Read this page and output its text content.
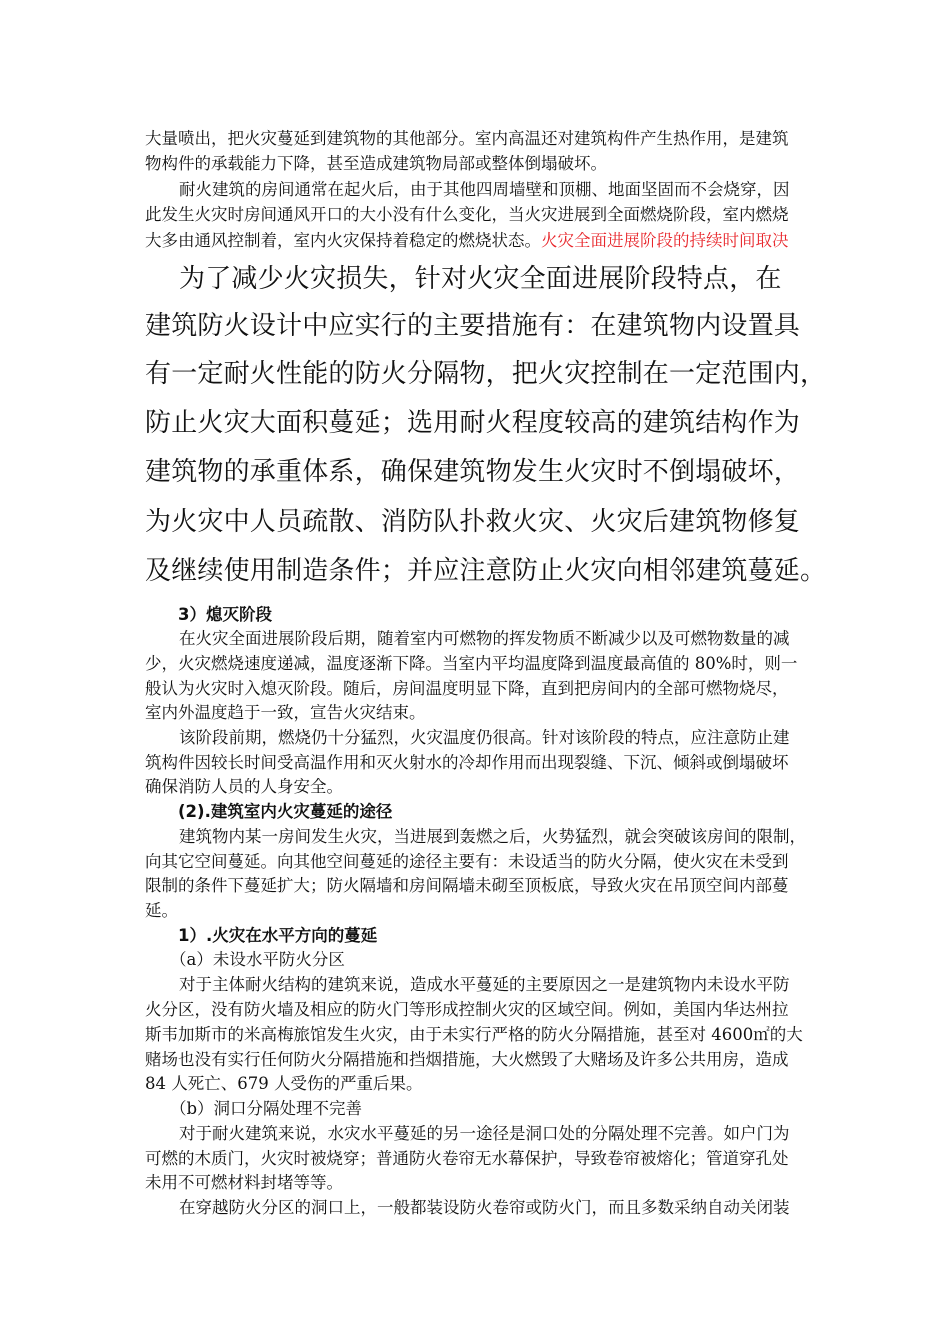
大量喷出，把火灾蔓延到建筑物的其他部分。室内高温还对建筑构件产生热作用，是建筑
物构件的承载能力下降，甚至造成建筑物局部或整体倒塌破坏。
耐火建筑的房间通常在起火后，由于其他四周墙壁和顶棚、地面坚固而不会烧穿，因
此发生火灾时房间通风开口的大小没有什么变化，当火灾进展到全面燃烧阶段，室内燃烧
大多由通风控制着，室内火灾保持着稳定的燃烧状态。火灾全面进展阶段的持续时间取决
为了减少火灾损失，针对火灾全面进展阶段特点，在
建筑防火设计中应实行的主要措施有：在建筑物内设置具
有一定耐火性能的防火分隔物，把火灾控制在一定范围内，
防止火灾大面积蔓延；选用耐火程度较高的建筑结构作为
建筑物的承重体系，确保建筑物发生火灾时不倒塌破坏，
为火灾中人员疏散、消防队扑救火灾、火灾后建筑物修复
及继续使用制造条件；并应注意防止火灾向相邻建筑蔓延。
3）熄灭阶段
在火灾全面进展阶段后期，随着室内可燃物的挥发物质不断减少以及可燃物数量的减
少，火灾燃烧速度递减，温度逐渐下降。当室内平均温度降到温度最高值的 80%时，则一
般认为火灾时入熄灭阶段。随后，房间温度明显下降，直到把房间内的全部可燃物烧尽，
室内外温度趋于一致，宣告火灾结束。
该阶段前期，燃烧仍十分猛烈，火灾温度仍很高。针对该阶段的特点，应注意防止建
筑构件因较长时间受高温作用和灭火射水的冷却作用而出现裂缝、下沉、倾斜或倒塌破坏
确保消防人员的人身安全。
(2).建筑室内火灾蔓延的途径
建筑物内某一房间发生火灾，当进展到轰燃之后，火势猛烈，就会突破该房间的限制，
向其它空间蔓延。向其他空间蔓延的途径主要有：未设适当的防火分隔，使火灾在未受到
限制的条件下蔓延扩大；防火隔墙和房间隔墙未砌至顶板底，导致火灾在吊顶空间内部蔓
延。
1）.火灾在水平方向的蔓延
（a）未设水平防火分区
对于主体耐火结构的建筑来说，造成水平蔓延的主要原因之一是建筑物内未设水平防
火分区，没有防火墙及相应的防火门等形成控制火灾的区域空间。例如，美国内华达州拉
斯韦加斯市的米高梅旅馆发生火灾，由于未实行严格的防火分隔措施，甚至对 4600㎡的大
赌场也没有实行任何防火分隔措施和挡烟措施，大火燃毁了大赌场及许多公共用房，造成
84 人死亡、679 人受伤的严重后果。
（b）洞口分隔处理不完善
对于耐火建筑来说，水灾水平蔓延的另一途径是洞口处的分隔处理不完善。如户门为
可燃的木质门，火灾时被烧穿；普通防火卷帘无水幕保护，导致卷帘被熔化；管道穿孔处
未用不可燃材料封堵等等。
在穿越防火分区的洞口上，一般都装设防火卷帘或防火门，而且多数采纳自动关闭装
